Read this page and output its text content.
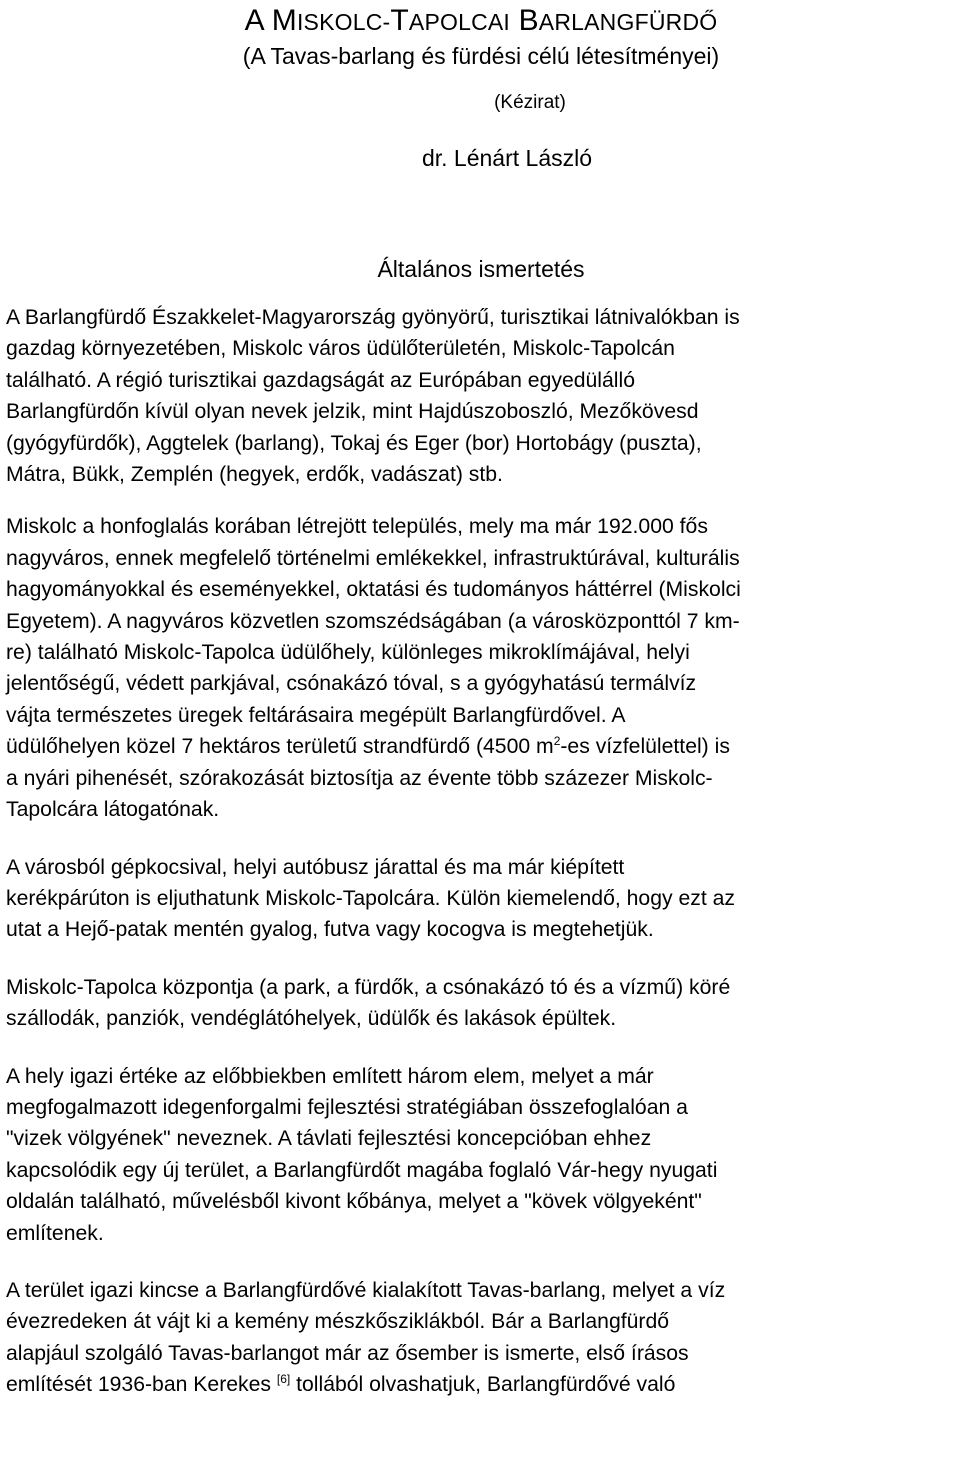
A MISKOLC-TAPOLCAI BARLANGFÜRDŐ
(A Tavas-barlang és fürdési célú létesítményei)
(Kézirat)
dr. Lénárt László
Általános ismertetés

A Barlangfürdő Északkelet-Magyarország gyönyörű, turisztikai látnivalókban is
gazdag környezetében, Miskolc város üdülőterületén, Miskolc-Tapolcán
található. A régió turisztikai gazdagságát az Európában egyedülálló
Barlangfürdőn kívül olyan nevek jelzik, mint Hajdúszoboszló, Mezőkövesd
(gyógyfürdők), Aggtelek (barlang), Tokaj és Eger (bor) Hortobágy (puszta),
Mátra, Bükk, Zemplén (hegyek, erdők, vadászat) stb.

Miskolc a honfoglalás korában létrejött település, mely ma már 192.000 fős
nagyváros, ennek megfelelő történelmi emlékekkel, infrastruktúrával, kulturális
hagyományokkal és eseményekkel, oktatási és tudományos háttérrel (Miskolci
Egyetem). A nagyváros közvetlen szomszédságában (a városközponttól 7 km-
re) található Miskolc-Tapolca üdülőhely, különleges mikroklímájával, helyi
jelentőségű, védett parkjával, csónakázó tóval, s a gyógyhatású termálvíz
vájta természetes üregek feltárásaira megépült Barlangfürdővel. A
üdülőhelyen közel 7 hektáros területű strandfürdő (4500 $m^2-es$ vízfelülettel) is
a nyári pihenését, szórakozását biztosítja az évente több százezer Miskolc-
Tapolcára látogatónak.

A városból gépkocsival, helyi autóbusz járattal és ma már kiépített
kerékpárúton is eljuthatunk Miskolc-Tapolcára. Külön kiemelendő, hogy ezt az
utat a Hejő-patak mentén gyalog, futva vagy kocogva is megtehetjük.

Miskolc-Tapolca központja (a park, a fürdők, a csónakázó tó és a vízmű) köré
szállodák, panziók, vendéglátóhelyek, üdülők és lakások épültek.

A hely igazi értéke az előbbiekben említett három elem, melyet a már
megfogalmazott idegenforgalmi fejlesztési stratégiában összefoglalóan a
"vizek völgyének" neveznek. A távlati fejlesztési koncepcióban ehhez
kapcsolódik egy új terület, a Barlangfürdőt magába foglaló Vár-hegy nyugati
oldalán található, művelésből kivont kőbánya, melyet a "kövek völgyeként"
említenek.

A terület igazi kincse a Barlangfürdővé kialakított Tavas-barlang, melyet a víz
évezredeken át vájt ki a kemény mészkősziklákból. Bár a Barlangfürdő
alapjául szolgáló Tavas-barlangot már az ősember is ismerte, első írásos
említését 1936-ban Kerekes [6] tollából olvashatjuk, Barlangfürdővé való
